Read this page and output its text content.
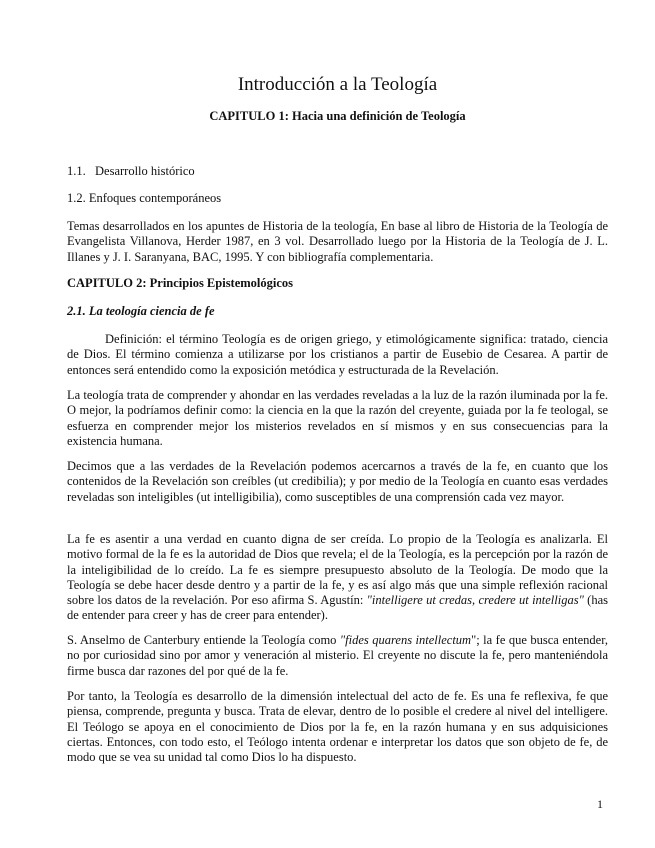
Introducción a la Teología
CAPITULO 1: Hacia una definición de Teología
1.1. Desarrollo histórico
1.2. Enfoques contemporáneos
Temas desarrollados en los apuntes de Historia de la teología, En base al libro de Historia de la Teología de Evangelista Villanova, Herder 1987, en 3 vol. Desarrollado luego por la Historia de la Teología de J. L. Illanes y J. I. Saranyana, BAC, 1995. Y con bibliografía complementaria.
CAPITULO 2: Principios Epistemológicos
2.1. La teología ciencia de fe
Definición: el término Teología es de origen griego, y etimológicamente significa: tratado, ciencia de Dios. El término comienza a utilizarse por los cristianos a partir de Eusebio de Cesarea. A partir de entonces será entendido como la exposición metódica y estructurada de la Revelación.
La teología trata de comprender y ahondar en las verdades reveladas a la luz de la razón iluminada por la fe. O mejor, la podríamos definir como: la ciencia en la que la razón del creyente, guiada por la fe teologal, se esfuerza en comprender mejor los misterios revelados en sí mismos y en sus consecuencias para la existencia humana.
Decimos que a las verdades de la Revelación podemos acercarnos a través de la fe, en cuanto que los contenidos de la Revelación son creíbles (ut credibilia); y por medio de la Teología en cuanto esas verdades reveladas son inteligibles (ut intelligibilia), como susceptibles de una comprensión cada vez mayor.
La fe es asentir a una verdad en cuanto digna de ser creída. Lo propio de la Teología es analizarla. El motivo formal de la fe es la autoridad de Dios que revela; el de la Teología, es la percepción por la razón de la inteligibilidad de lo creído. La fe es siempre presupuesto absoluto de la Teología. De modo que la Teología se debe hacer desde dentro y a partir de la fe, y es así algo más que una simple reflexión racional sobre los datos de la revelación. Por eso afirma S. Agustín: "intelligere ut credas, credere ut intelligas" (has de entender para creer y has de creer para entender).
S. Anselmo de Canterbury entiende la Teología como "fides quarens intellectum"; la fe que busca entender, no por curiosidad sino por amor y veneración al misterio. El creyente no discute la fe, pero manteniéndola firme busca dar razones del por qué de la fe.
Por tanto, la Teología es desarrollo de la dimensión intelectual del acto de fe. Es una fe reflexiva, fe que piensa, comprende, pregunta y busca. Trata de elevar, dentro de lo posible el credere al nivel del intelligere. El Teólogo se apoya en el conocimiento de Dios por la fe, en la razón humana y en sus adquisiciones ciertas. Entonces, con todo esto, el Teólogo intenta ordenar e interpretar los datos que son objeto de fe, de modo que se vea su unidad tal como Dios lo ha dispuesto.
1
